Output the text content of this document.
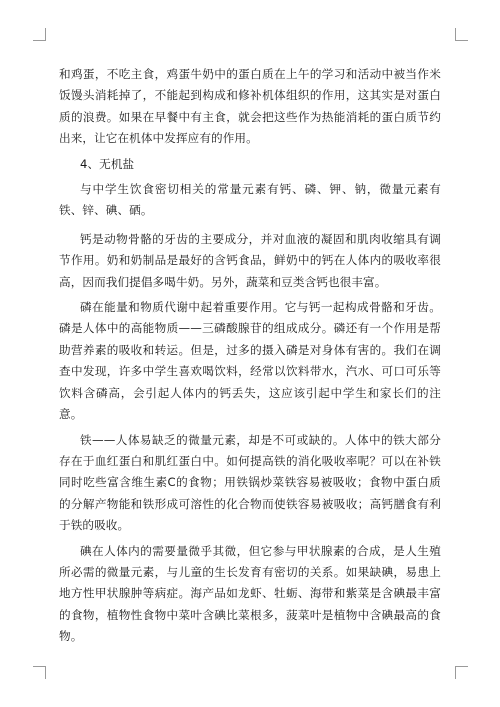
和鸡蛋，不吃主食，鸡蛋牛奶中的蛋白质在上午的学习和活动中被当作米饭馒头消耗掉了，不能起到构成和修补机体组织的作用，这其实是对蛋白质的浪费。如果在早餐中有主食，就会把这些作为热能消耗的蛋白质节约出来，让它在机体中发挥应有的作用。

4、无机盐

与中学生饮食密切相关的常量元素有钙、磷、钾、钠，微量元素有铁、锌、碘、硒。

钙是动物骨骼的牙齿的主要成分，并对血液的凝固和肌肉收缩具有调节作用。奶和奶制品是最好的含钙食品，鲜奶中的钙在人体内的吸收率很高，因而我们提倡多喝牛奶。另外，蔬菜和豆类含钙也很丰富。

磷在能量和物质代谢中起着重要作用。它与钙一起构成骨骼和牙齿。磷是人体中的高能物质——三磷酸腺苷的组成成分。磷还有一个作用是帮助营养素的吸收和转运。但是，过多的摄入磷是对身体有害的。我们在调查中发现，许多中学生喜欢喝饮料，经常以饮料带水，汽水、可口可乐等饮料含磷高，会引起人体内的钙丢失，这应该引起中学生和家长们的注意。

铁——人体易缺乏的微量元素，却是不可或缺的。人体中的铁大部分存在于血红蛋白和肌红蛋白中。如何提高铁的消化吸收率呢？可以在补铁同时吃些富含维生素C的食物；用铁锅炒菜铁容易被吸收；食物中蛋白质的分解产物能和铁形成可溶性的化合物而使铁容易被吸收；高钙膳食有利于铁的吸收。

碘在人体内的需要量微乎其微，但它参与甲状腺素的合成，是人生殖所必需的微量元素，与儿童的生长发育有密切的关系。如果缺碘，易患上地方性甲状腺肿等病症。海产品如龙虾、牡蛎、海带和紫菜是含碘最丰富的食物，植物性食物中菜叶含碘比菜根多，菠菜叶是植物中含碘最高的食物。
